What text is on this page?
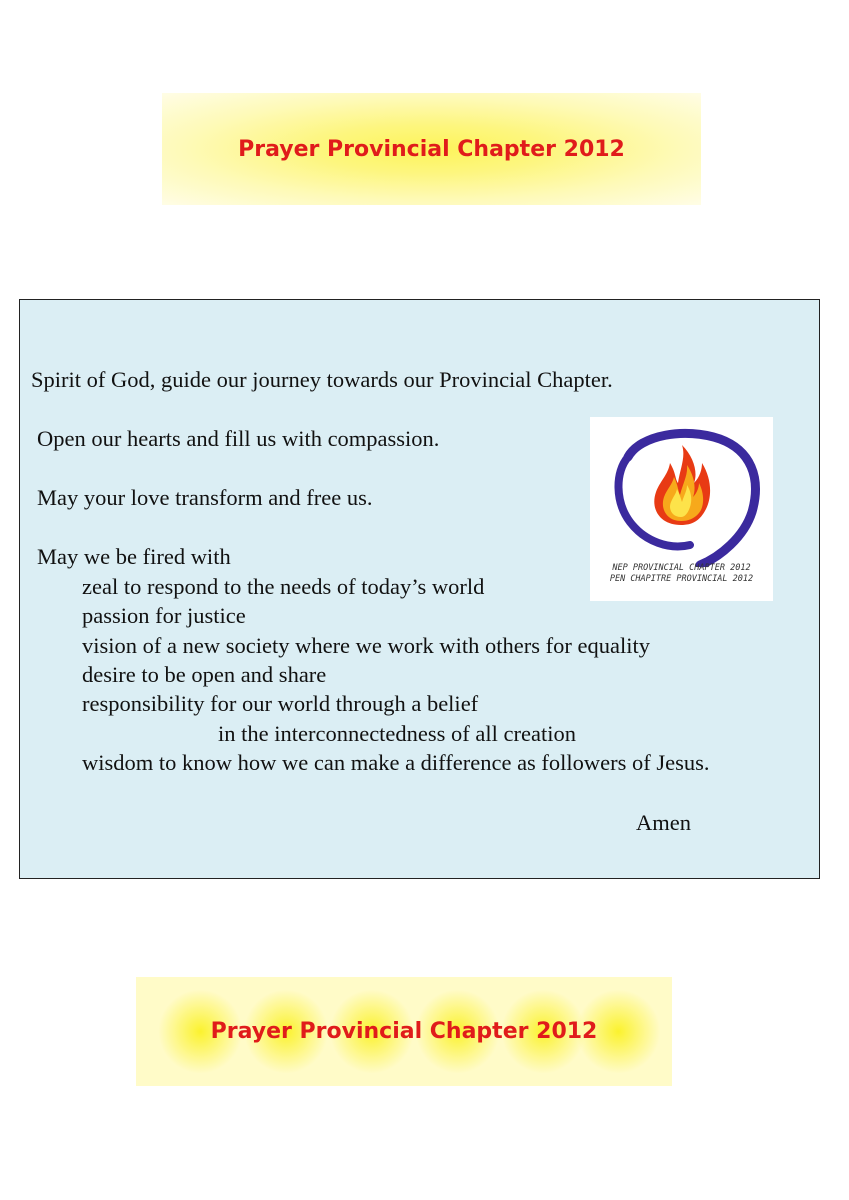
Prayer Provincial Chapter 2012
Spirit of God, guide our journey towards our Provincial Chapter.
Open our hearts and fill us with compassion.
May your love transform and free us.
May we be fired with
zeal to respond to the needs of today’s world
passion for justice
vision of a new society where we work with others for equality
desire to be open and share
responsibility for our world through a belief
in the interconnectedness of all creation
wisdom to know how we can make a difference as followers of Jesus.
Amen
NEP PROVINCIAL CHAPTER 2012
PEN CHAPITRE PROVINCIAL 2012
Prayer Provincial Chapter 2012
